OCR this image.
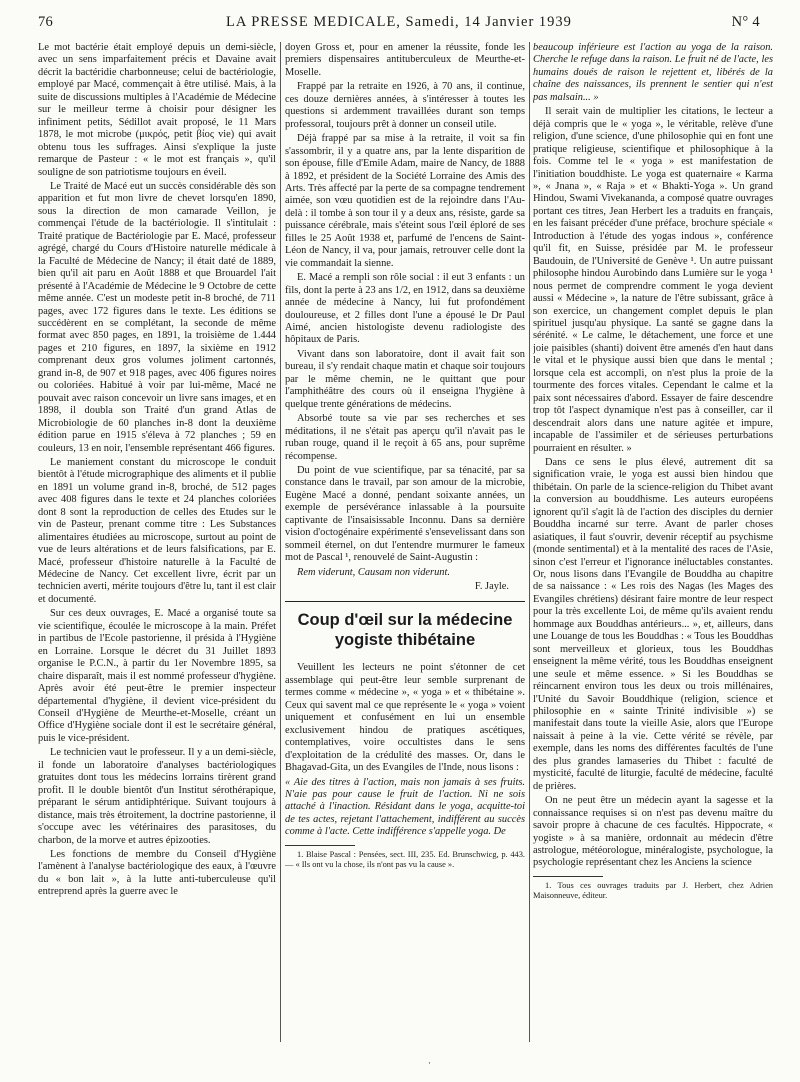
76	LA PRESSE MEDICALE, Samedi, 14 Janvier 1939	N° 4

Le mot bactérie était employé depuis un demi-siècle, avec un sens imparfaitement précis et Davaine avait décrit la bactéridie charbonneuse; celui de bactériologie, employé par Macé, commençait à être utilisé. Mais, à la suite de discussions multiples à l'Académie de Médecine sur le meilleur terme à choisir pour désigner les infiniment petits, Sédillot avait proposé, le 11 Mars 1878, le mot microbe (μικρός, petit βίος vie) qui avait obtenu tous les suffrages. Ainsi s'explique la juste remarque de Pasteur : « le mot est français », qu'il souligne de son patriotisme toujours en éveil.

Le Traité de Macé eut un succès considérable dès son apparition et fut mon livre de chevet lorsqu'en 1890, sous la direction de mon camarade Veillon, je commençai l'étude de la bactériologie. Il s'intitulait : Traité pratique de Bactériologie par E. Macé, professeur agrégé, chargé du Cours d'Histoire naturelle médicale à la Faculté de Médecine de Nancy; il était daté de 1889, bien qu'il ait paru en Août 1888 et que Brouardel l'ait présenté à l'Académie de Médecine le 9 Octobre de cette même année. C'est un modeste petit in-8 broché, de 711 pages, avec 172 figures dans le texte. Les éditions se succédèrent en se complétant, la seconde de même format avec 850 pages, en 1891, la troisième de 1.444 pages et 210 figures, en 1897, la sixième en 1912 comprenant deux gros volumes joliment cartonnés, grand in-8, de 907 et 918 pages, avec 406 figures noires ou coloriées. Habitué à voir par lui-même, Macé ne pouvait avec raison concevoir un livre sans images, et en 1898, il doubla son Traité d'un grand Atlas de Microbiologie de 60 planches in-8 dont la deuxième édition parue en 1915 s'éleva à 72 planches ; 59 en couleurs, 13 en noir, l'ensemble représentant 466 figures.

Le maniement constant du microscope le conduit bientôt à l'étude micrographique des aliments et il publie en 1891 un volume grand in-8, broché, de 512 pages avec 408 figures dans le texte et 24 planches coloriées dont 8 sont la reproduction de celles des Etudes sur le vin de Pasteur, prenant comme titre : Les Substances alimentaires étudiées au microscope, surtout au point de vue de leurs altérations et de leurs falsifications, par E. Macé, professeur d'histoire naturelle à la Faculté de Médecine de Nancy. Cet excellent livre, écrit par un technicien averti, mérite toujours d'être lu, tant il est clair et documenté.

Sur ces deux ouvrages, E. Macé a organisé toute sa vie scientifique, écoulée le microscope à la main. Préfet in partibus de l'Ecole pastorienne, il présida à l'Hygiène en Lorraine. Lorsque le décret du 31 Juillet 1893 organise le P.C.N., à partir du 1er Novembre 1895, sa chaire disparaît, mais il est nommé professeur d'hygiène. Après avoir été peut-être le premier inspecteur départemental d'hygiène, il devient vice-président du Conseil d'Hygiène de Meurthe-et-Moselle, créant un Office d'Hygiène sociale dont il est le secrétaire général, puis le vice-président.

Le technicien vaut le professeur. Il y a un demi-siècle, il fonde un laboratoire d'analyses bactériologiques gratuites dont tous les médecins lorrains tirèrent grand profit. Il le double bientôt d'un Institut sérothérapique, préparant le sérum antidiphtérique. Suivant toujours à distance, mais très étroitement, la doctrine pastorienne, il s'occupe avec les vétérinaires des parasitoses, du charbon, de la morve et autres épizooties.

Les fonctions de membre du Conseil d'Hygiène l'amènent à l'analyse bactériologique des eaux, à l'œuvre du « bon lait », à la lutte anti-tuberculeuse qu'il entreprend après la guerre avec le

doyen Gross et, pour en amener la réussite, fonde les premiers dispensaires antituberculeux de Meurthe-et-Moselle.

Frappé par la retraite en 1926, à 70 ans, il continue, ces douze dernières années, à s'intéresser à toutes les questions si ardemment travaillées durant son temps professoral, toujours prêt à donner un conseil utile.

Déjà frappé par sa mise à la retraite, il voit sa fin s'assombrir, il y a quatre ans, par la lente disparition de son épouse, fille d'Emile Adam, maire de Nancy, de 1888 à 1892, et président de la Société Lorraine des Amis des Arts. Très affecté par la perte de sa compagne tendrement aimée, son vœu quotidien est de la rejoindre dans l'Au-delà : il tombe à son tour il y a deux ans, résiste, garde sa puissance cérébrale, mais s'éteint sous l'œil éploré de ses filles le 25 Août 1938 et, parfumé de l'encens de Saint-Léon de Nancy, il va, pour jamais, retrouver celle dont la vie commandait la sienne.

E. Macé a rempli son rôle social : il eut 3 enfants : un fils, dont la perte à 23 ans 1/2, en 1912, dans sa deuxième année de médecine à Nancy, lui fut profondément douloureuse, et 2 filles dont l'une a épousé le Dr Paul Aimé, ancien histologiste devenu radiologiste des hôpitaux de Paris.

Vivant dans son laboratoire, dont il avait fait son bureau, il s'y rendait chaque matin et chaque soir toujours par le même chemin, ne le quittant que pour l'amphithéâtre des cours où il enseigna l'hygiène à quelque trente générations de médecins.

Absorbé toute sa vie par ses recherches et ses méditations, il ne s'était pas aperçu qu'il n'avait pas le ruban rouge, quand il le reçoit à 65 ans, pour suprême récompense.

Du point de vue scientifique, par sa ténacité, par sa constance dans le travail, par son amour de la microbie, Eugène Macé a donné, pendant soixante années, un exemple de persévérance inlassable à la poursuite captivante de l'insaisissable Inconnu. Dans sa dernière vision d'octogénaire expérimenté s'ensevelissant dans son sommeil éternel, on dut l'entendre murmurer le fameux mot de Pascal ¹, renouvelé de Saint-Augustin :

Rem viderunt, Causam non viderunt.

F. Jayle.

Coup d'œil sur la médecine yogiste thibétaine

Veuillent les lecteurs ne point s'étonner de cet assemblage qui peut-être leur semble surprenant de termes comme « médecine », « yoga » et « thibétaine ». Ceux qui savent mal ce que représente le « yoga » voient uniquement et confusément en lui un ensemble exclusivement hindou de pratiques ascétiques, contemplatives, voire occultistes dans le sens d'exploitation de la crédulité des masses. Or, dans le Bhagavad-Gita, un des Evangiles de l'Inde, nous lisons :

« Aie des titres à l'action, mais non jamais à ses fruits. N'aie pas pour cause le fruit de l'action. Ni ne sois attaché à l'inaction. Résidant dans le yoga, acquitte-toi de tes actes, rejetant l'attachement, indifférent au succès comme à l'acte. Cette indifférence s'appelle yoga. De

1. Blaise Pascal : Pensées, sect. III, 235. Ed. Brunschwicg, p. 443. — « Ils ont vu la chose, ils n'ont pas vu la cause ».

beaucoup inférieure est l'action au yoga de la raison. Cherche le refuge dans la raison. Le fruit né de l'acte, les humains doués de raison le rejettent et, libérés de la chaîne des naissances, ils prennent le sentier qui n'est pas malsain... »

Il serait vain de multiplier les citations, le lecteur a déjà compris que le « yoga », le véritable, relève d'une religion, d'une science, d'une philosophie qui en font une pratique religieuse, scientifique et philosophique à la fois. Comme tel le « yoga » est manifestation de l'initiation bouddhiste. Le yoga est quaternaire « Karma », « Jnana », « Raja » et « Bhakti-Yoga ». Un grand Hindou, Swami Vivekananda, a composé quatre ouvrages portant ces titres, Jean Herbert les a traduits en français, en les faisant précéder d'une préface, brochure spéciale « Introduction à l'étude des yogas indous », conférence qu'il fit, en Suisse, présidée par M. le professeur Baudouin, de l'Université de Genève ¹. Un autre puissant philosophe hindou Aurobindo dans Lumière sur le yoga ¹ nous permet de comprendre comment le yoga devient aussi « Médecine », la nature de l'être subissant, grâce à son exercice, un changement complet depuis le plan spirituel jusqu'au physique. La santé se gagne dans la sérénité. « Le calme, le détachement, une force et une joie paisibles (shanti) doivent être amenés d'en haut dans le vital et le physique aussi bien que dans le mental ; lorsque cela est accompli, on n'est plus la proie de la tourmente des forces vitales. Cependant le calme et la paix sont nécessaires d'abord. Essayer de faire descendre trop tôt l'aspect dynamique n'est pas à conseiller, car il descendrait alors dans une nature agitée et impure, incapable de l'assimiler et de sérieuses perturbations pourraient en résulter. »

Dans ce sens le plus élevé, autrement dit sa signification vraie, le yoga est aussi bien hindou que thibétain. On parle de la science-religion du Thibet avant la conversion au bouddhisme. Les auteurs européens ignorent qu'il s'agit là de l'action des disciples du dernier Bouddha incarné sur terre. Avant de parler choses asiatiques, il faut s'ouvrir, devenir réceptif au psychisme (monde sentimental) et à la mentalité des races de l'Asie, sinon c'est l'erreur et l'ignorance inéluctables constantes. Or, nous lisons dans l'Evangile de Bouddha au chapitre de sa naissance : « Les rois des Nagas (les Mages des Evangiles chrétiens) désirant faire montre de leur respect pour la très excellente Loi, de même qu'ils avaient rendu hommage aux Bouddhas antérieurs... », et, ailleurs, dans une Louange de tous les Bouddhas : « Tous les Bouddhas sont merveilleux et glorieux, tous les Bouddhas enseignent la même vérité, tous les Bouddhas enseignent une seule et même essence. » Si les Bouddhas se réincarnent environ tous les deux ou trois millénaires, l'Unité du Savoir Bouddhique (religion, science et philosophie en « sainte Trinité indivisible ») se manifestait dans toute la vieille Asie, alors que l'Europe naissait à peine à la vie. Cette vérité se révèle, par exemple, dans les noms des différentes facultés de l'une des plus grandes lamaseries du Thibet : faculté de mysticité, faculté de liturgie, faculté de médecine, faculté de prières.

On ne peut être un médecin ayant la sagesse et la connaissance requises si on n'est pas devenu maître du savoir propre à chacune de ces facultés. Hippocrate, « yogiste » à sa manière, ordonnait au médecin d'être astrologue, météorologue, minéralogiste, psychologue, la psychologie représentant chez les Anciens la science

1. Tous ces ouvrages traduits par J. Herbert, chez Adrien Maisonneuve, éditeur.

·
